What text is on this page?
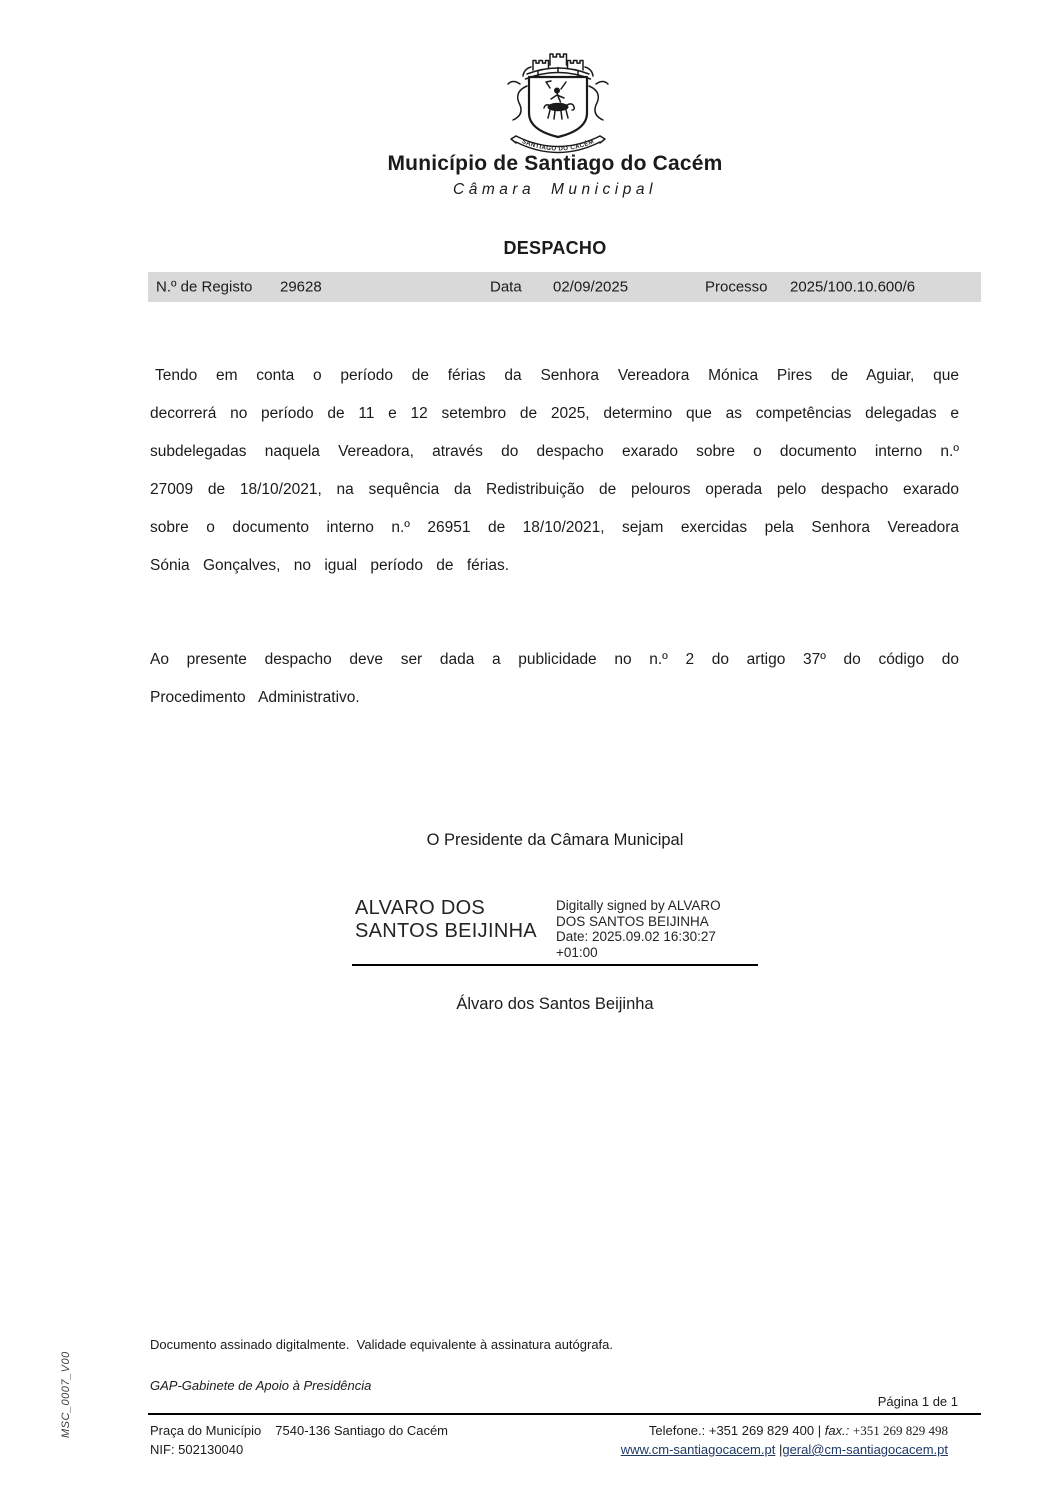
SANTIAGO DO CACÉM
Município de Santiago do Cacém
Câmara Municipal
DESPACHO
N.º de Registo 29628	Data 02/09/2025	Processo 2025/100.10.600/6
Tendo em conta o período de férias da Senhora Vereadora Mónica Pires de Aguiar, que decorrerá no período de 11 e 12 setembro de 2025, determino que as competências delegadas e subdelegadas naquela Vereadora, através do despacho exarado sobre o documento interno n.º 27009 de 18/10/2021, na sequência da Redistribuição de pelouros operada pelo despacho exarado sobre o documento interno n.º 26951 de 18/10/2021, sejam exercidas pela Senhora Vereadora Sónia Gonçalves, no igual período de férias.
Ao presente despacho deve ser dada a publicidade no n.º 2 do artigo 37º do código do Procedimento Administrativo.
O Presidente da Câmara Municipal
ALVARO DOS
SANTOS BEIJINHA
Digitally signed by ALVARO
DOS SANTOS BEIJINHA
Date: 2025.09.02 16:30:27
+01:00
Álvaro dos Santos Beijinha
Documento assinado digitalmente.  Validade equivalente à assinatura autógrafa.
GAP-Gabinete de Apoio à Presidência
Página 1 de 1
Praça do Município 7540-136 Santiago do Cacém
NIF: 502130040
Telefone.: +351 269 829 400 | fax.: +351 269 829 498
www.cm-santiagocacem.pt |geral@cm-santiagocacem.pt
MSC_0007_V00
